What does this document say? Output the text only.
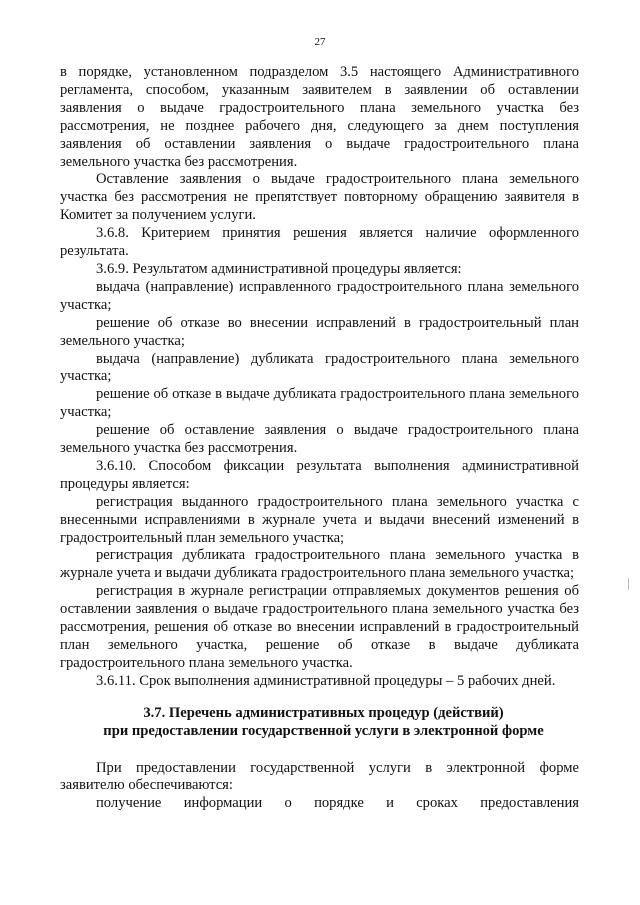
27

в порядке, установленном подразделом 3.5 настоящего Административного регламента, способом, указанным заявителем в заявлении об оставлении заявления о выдаче градостроительного плана земельного участка без рассмотрения, не позднее рабочего дня, следующего за днем поступления заявления об оставлении заявления о выдаче градостроительного плана земельного участка без рассмотрения.

Оставление заявления о выдаче градостроительного плана земельного участка без рассмотрения не препятствует повторному обращению заявителя в Комитет за получением услуги.

3.6.8. Критерием принятия решения является наличие оформленного результата.

3.6.9. Результатом административной процедуры является:

выдача (направление) исправленного градостроительного плана земельного участка;

решение об отказе во внесении исправлений в градостроительный план земельного участка;

выдача (направление) дубликата градостроительного плана земельного участка;

решение об отказе в выдаче дубликата градостроительного плана земельного участка;

решение об оставление заявления о выдаче градостроительного плана земельного участка без рассмотрения.

3.6.10. Способом фиксации результата выполнения административной процедуры является:

регистрация выданного градостроительного плана земельного участка с внесенными исправлениями в журнале учета и выдачи внесений изменений в градостроительный план земельного участка;

регистрация дубликата градостроительного плана земельного участка в журнале учета и выдачи дубликата градостроительного плана земельного участка;

регистрация в журнале регистрации отправляемых документов решения об оставлении заявления о выдаче градостроительного плана земельного участка без рассмотрения, решения об отказе во внесении исправлений в градостроительный план земельного участка, решение об отказе в выдаче дубликата градостроительного плана земельного участка.

3.6.11. Срок выполнения административной процедуры – 5 рабочих дней.

3.7. Перечень административных процедур (действий)

при предоставлении государственной услуги в электронной форме

При предоставлении государственной услуги в электронной форме заявителю обеспечиваются:

получение информации о порядке и сроках предоставления
